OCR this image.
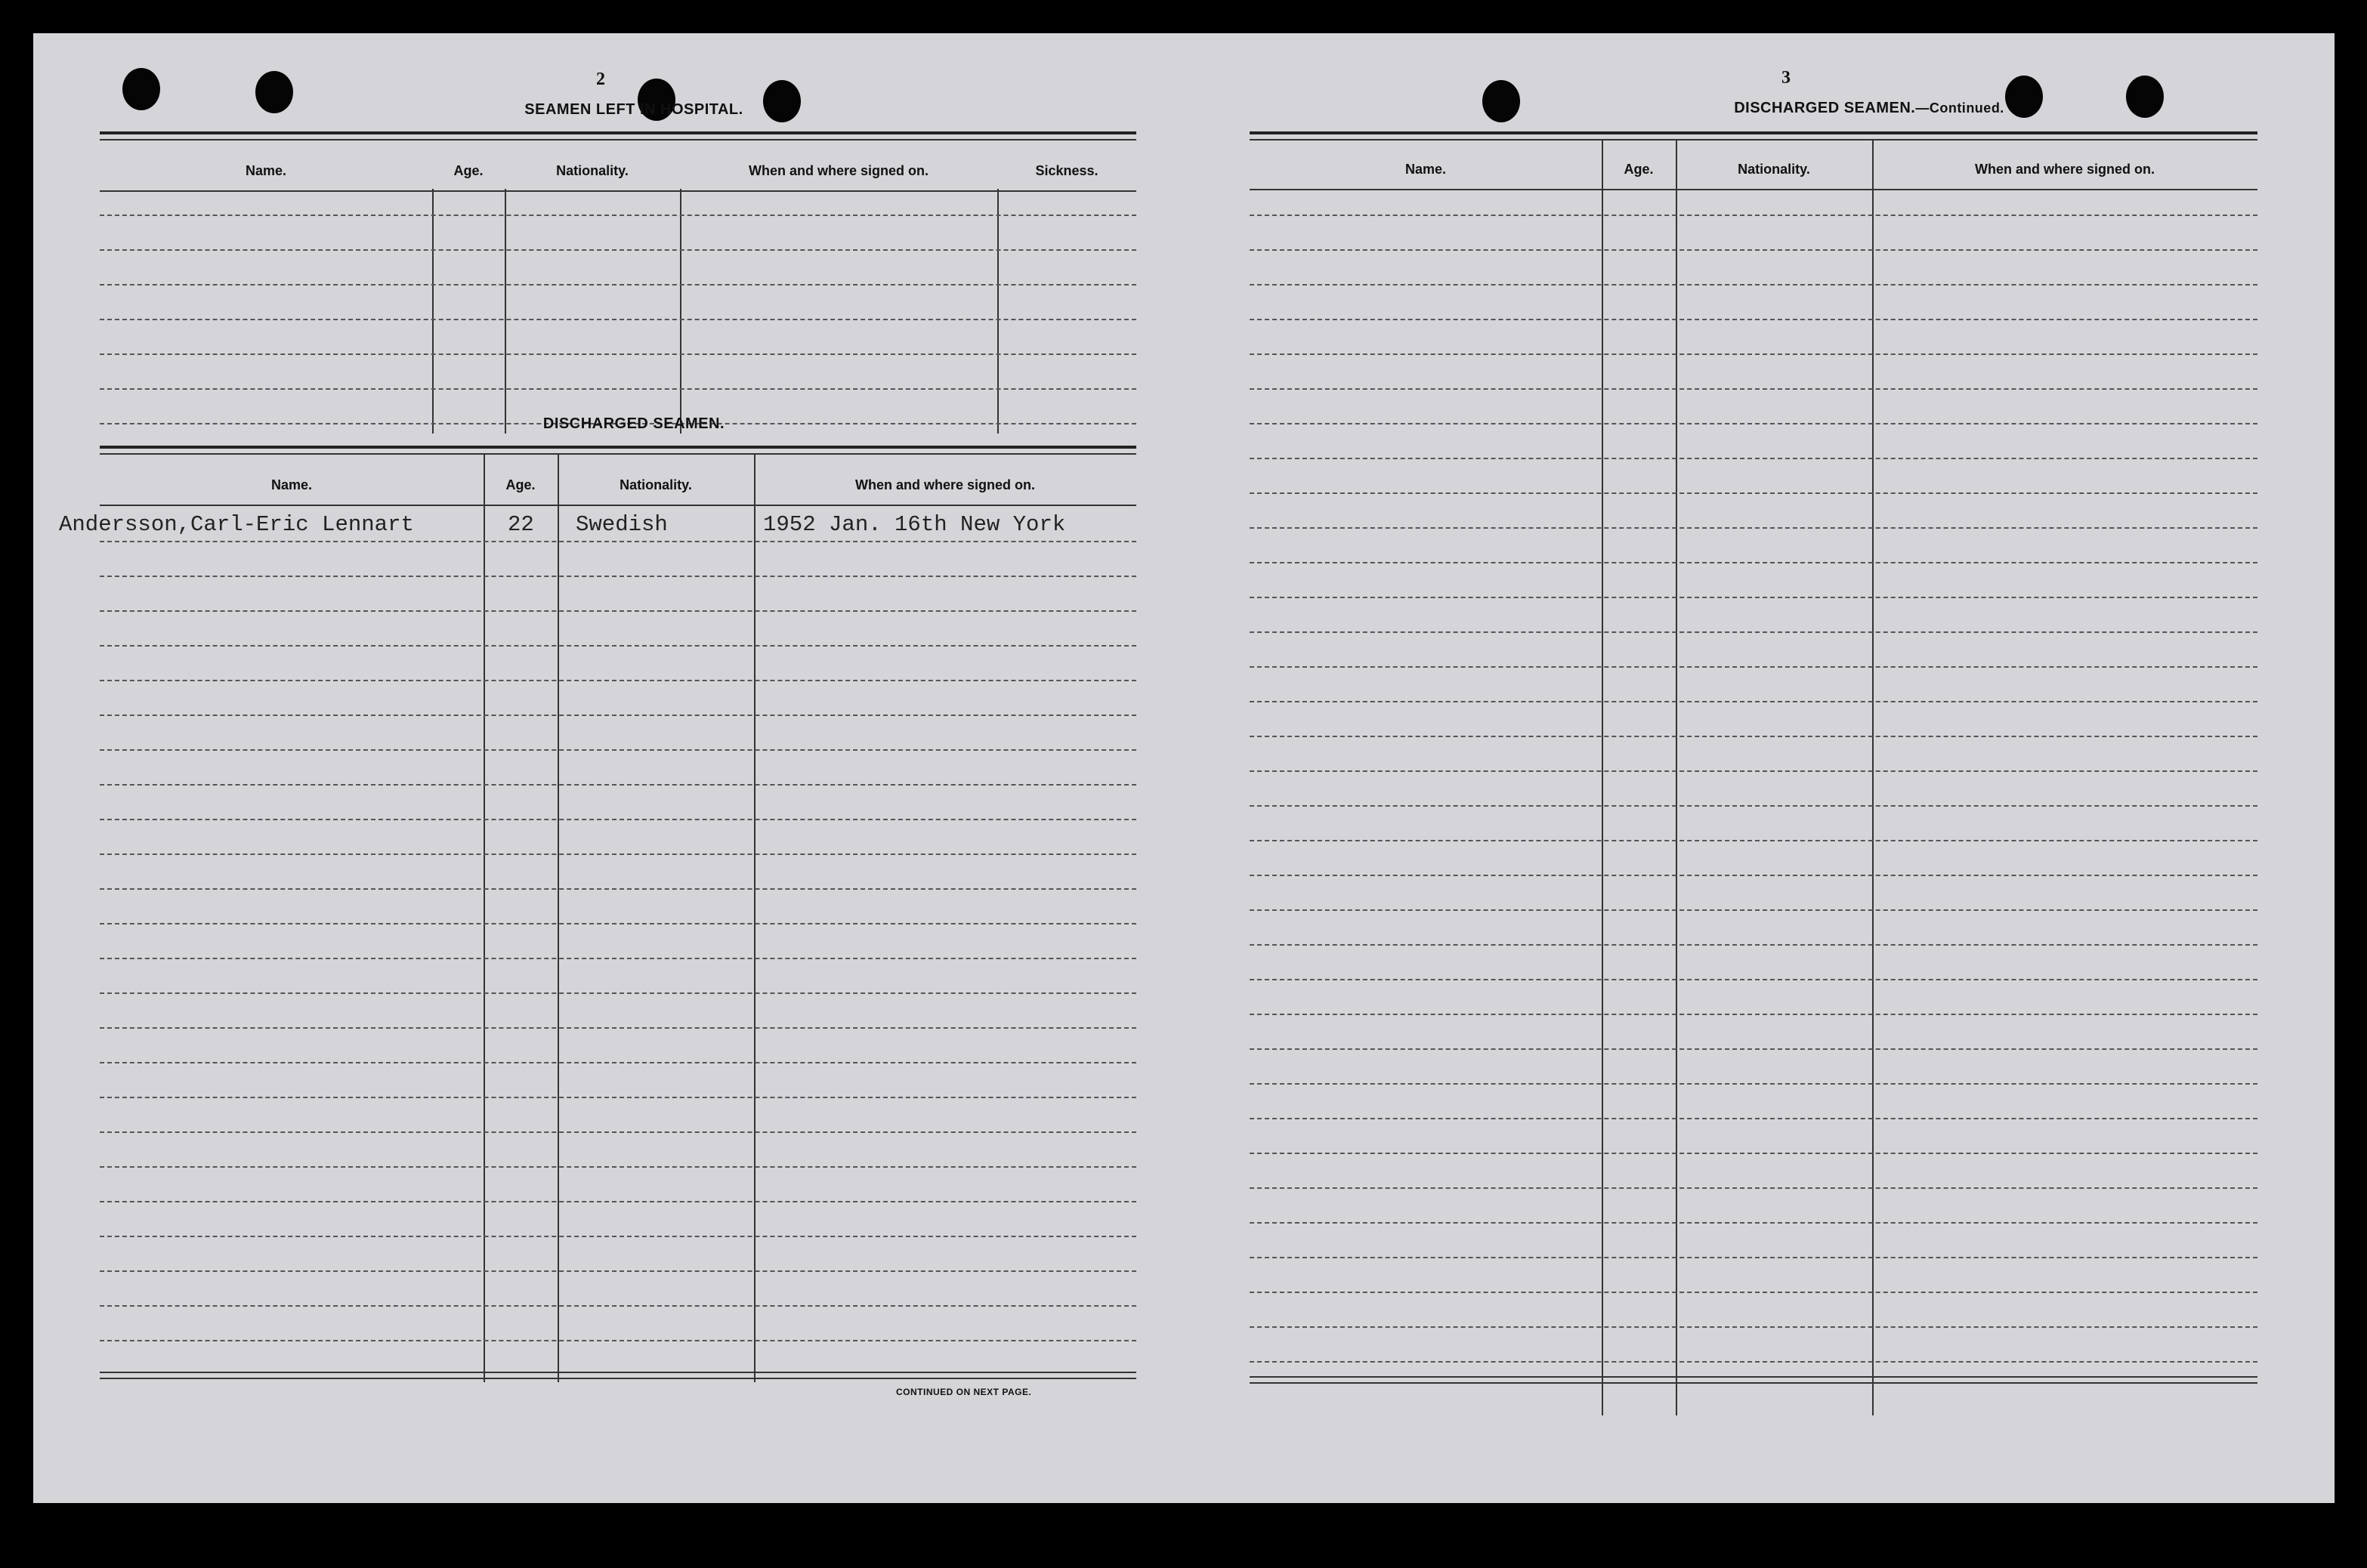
2
SEAMEN LEFT IN HOSPITAL.
Name.	Age.	Nationality.	When and where signed on.	Sickness.
DISCHARGED SEAMEN.
Name.	Age.	Nationality.	When and where signed on.
Andersson,Carl-Eric Lennart	22 Swedish	1952 Jan. 16th New York
CONTINUED ON NEXT PAGE.
3
DISCHARGED SEAMEN.—Continued.
Name.	Age.	Nationality.	When and where signed on.
